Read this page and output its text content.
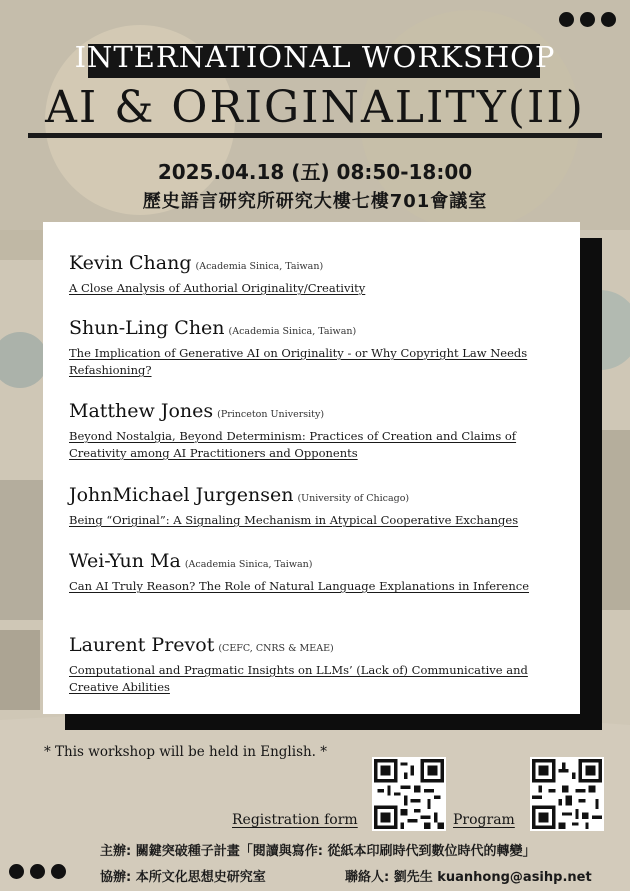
INTERNATIONAL WORKSHOP
AI & ORIGINALITY(II)
2025.04.18 (五) 08:50-18:00
歷史語言研究所研究大樓七樓701會議室
Kevin Chang (Academia Sinica, Taiwan)
A Close Analysis of Authorial Originality/Creativity
Shun-Ling Chen (Academia Sinica, Taiwan)
The Implication of Generative AI on Originality - or Why Copyright Law Needs Refashioning?
Matthew Jones (Princeton University)
Beyond Nostalgia, Beyond Determinism: Practices of Creation and Claims of Creativity among AI Practitioners and Opponents
JohnMichael Jurgensen (University of Chicago)
Being “Original”: A Signaling Mechanism in Atypical Cooperative Exchanges
Wei-Yun Ma (Academia Sinica, Taiwan)
Can AI Truly Reason? The Role of Natural Language Explanations in Inference
Laurent Prevot (CEFC, CNRS & MEAE)
Computational and Pragmatic Insights on LLMs’ (Lack of) Communicative and Creative Abilities
* This workshop will be held in English. *
Registration form	Program
主辦: 關鍵突破種子計畫「閱讀與寫作: 從紙本印刷時代到數位時代的轉變」
協辦: 本所文化思想史研究室	聯絡人: 劉先生 kuanhong@asihp.net
